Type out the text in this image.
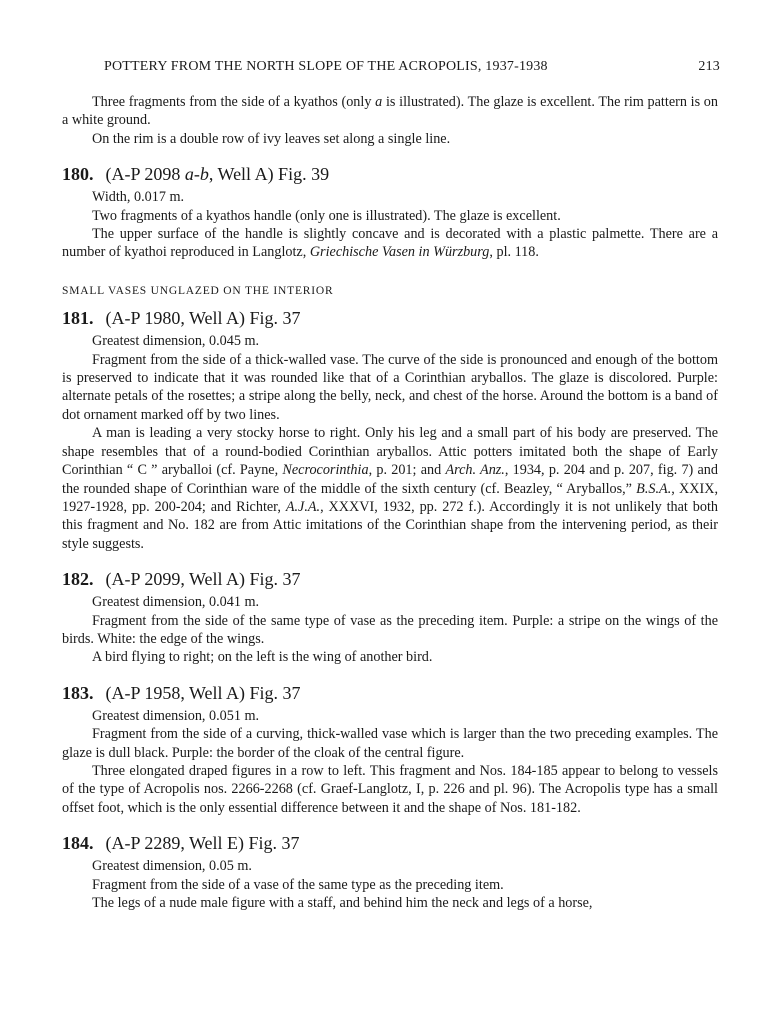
POTTERY FROM THE NORTH SLOPE OF THE ACROPOLIS, 1937-1938	213

Three fragments from the side of a kyathos (only a is illustrated). The glaze is excellent. The rim pattern is on a white ground.

On the rim is a double row of ivy leaves set along a single line.

180. (A-P 2098 a-b, Well A) Fig. 39

Width, 0.017 m.

Two fragments of a kyathos handle (only one is illustrated). The glaze is excellent.

The upper surface of the handle is slightly concave and is decorated with a plastic palmette. There are a number of kyathoi reproduced in Langlotz, Griechische Vasen in Würzburg, pl. 118.

SMALL VASES UNGLAZED ON THE INTERIOR
181. (A-P 1980, Well A) Fig. 37

Greatest dimension, 0.045 m.

Fragment from the side of a thick-walled vase. The curve of the side is pronounced and enough of the bottom is preserved to indicate that it was rounded like that of a Corinthian aryballos. The glaze is discolored. Purple: alternate petals of the rosettes; a stripe along the belly, neck, and chest of the horse. Around the bottom is a band of dot ornament marked off by two lines.

A man is leading a very stocky horse to right. Only his leg and a small part of his body are preserved. The shape resembles that of a round-bodied Corinthian aryballos. Attic potters imitated both the shape of Early Corinthian “ C ” aryballoi (cf. Payne, Necrocorinthia, p. 201; and Arch. Anz., 1934, p. 204 and p. 207, fig. 7) and the rounded shape of Corinthian ware of the middle of the sixth century (cf. Beazley, “ Aryballos,” B.S.A., XXIX, 1927-1928, pp. 200-204; and Richter, A.J.A., XXXVI, 1932, pp. 272 f.). Accordingly it is not unlikely that both this fragment and No. 182 are from Attic imitations of the Corinthian shape from the intervening period, as their style suggests.

182. (A-P 2099, Well A) Fig. 37

Greatest dimension, 0.041 m.

Fragment from the side of the same type of vase as the preceding item. Purple: a stripe on the wings of the birds. White: the edge of the wings.

A bird flying to right; on the left is the wing of another bird.

183. (A-P 1958, Well A) Fig. 37

Greatest dimension, 0.051 m.

Fragment from the side of a curving, thick-walled vase which is larger than the two preceding examples. The glaze is dull black. Purple: the border of the cloak of the central figure.

Three elongated draped figures in a row to left. This fragment and Nos. 184-185 appear to belong to vessels of the type of Acropolis nos. 2266-2268 (cf. Graef-Langlotz, I, p. 226 and pl. 96). The Acropolis type has a small offset foot, which is the only essential difference between it and the shape of Nos. 181-182.

184. (A-P 2289, Well E) Fig. 37

Greatest dimension, 0.05 m.

Fragment from the side of a vase of the same type as the preceding item.

The legs of a nude male figure with a staff, and behind him the neck and legs of a horse,
